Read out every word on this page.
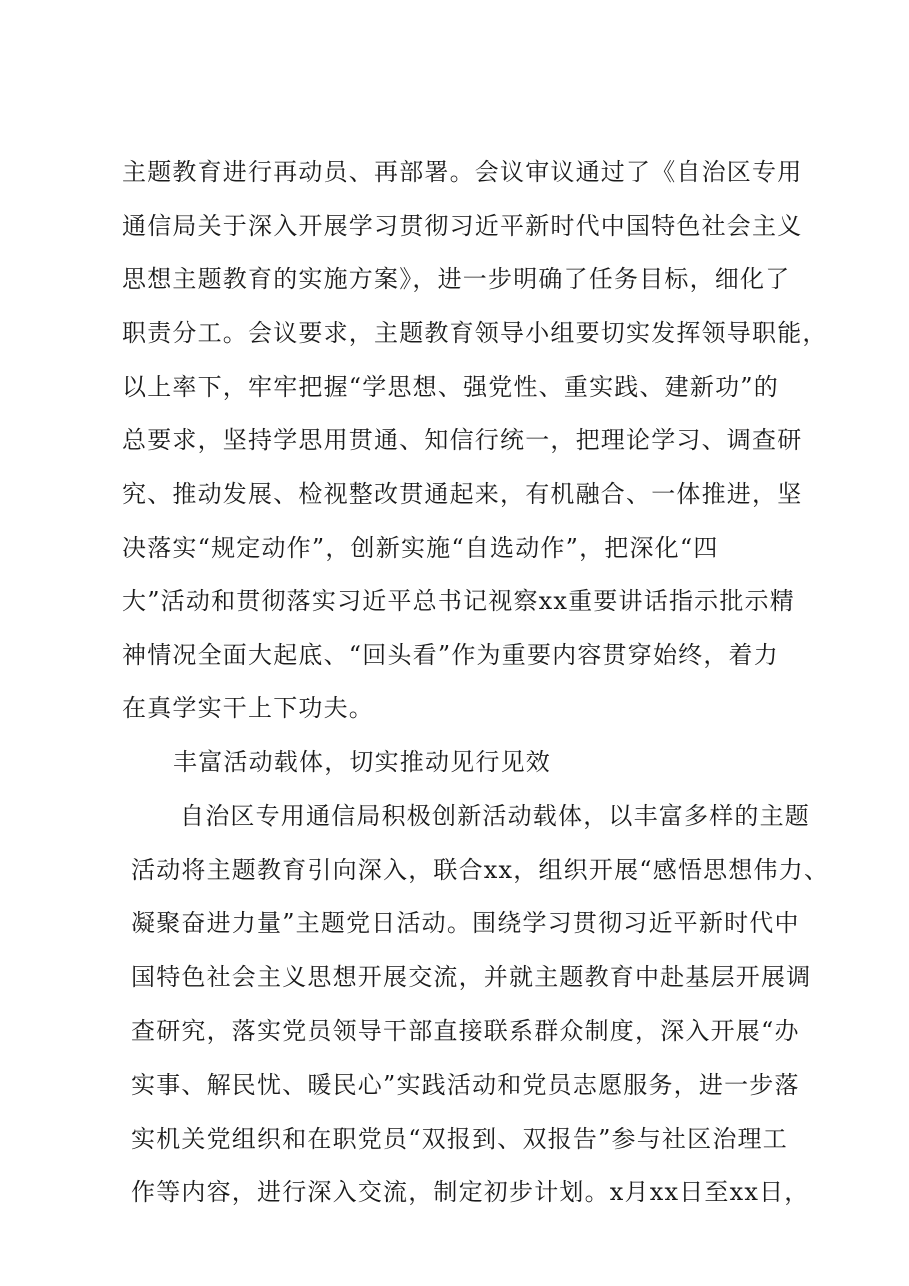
主题教育进行再动员、再部署。会议审议通过了《自治区专用
通信局关于深入开展学习贯彻习近平新时代中国特色社会主义
思想主题教育的实施方案》，进一步明确了任务目标，细化了
职责分工。会议要求，主题教育领导小组要切实发挥领导职能，
以上率下，牢牢把握“学思想、强党性、重实践、建新功”的
总要求，坚持学思用贯通、知信行统一，把理论学习、调查研
究、推动发展、检视整改贯通起来，有机融合、一体推进，坚
决落实“规定动作”，创新实施“自选动作”，把深化“四
大”活动和贯彻落实习近平总书记视察xx重要讲话指示批示精
神情况全面大起底、“回头看”作为重要内容贯穿始终，着力
在真学实干上下功夫。
丰富活动载体，切实推动见行见效
自治区专用通信局积极创新活动载体，以丰富多样的主题
活动将主题教育引向深入，联合xx，组织开展“感悟思想伟力、
凝聚奋进力量”主题党日活动。围绕学习贯彻习近平新时代中
国特色社会主义思想开展交流，并就主题教育中赴基层开展调
查研究，落实党员领导干部直接联系群众制度，深入开展“办
实事、解民忧、暖民心”实践活动和党员志愿服务，进一步落
实机关党组织和在职党员“双报到、双报告”参与社区治理工
作等内容，进行深入交流，制定初步计划。x月xx日至xx日，
